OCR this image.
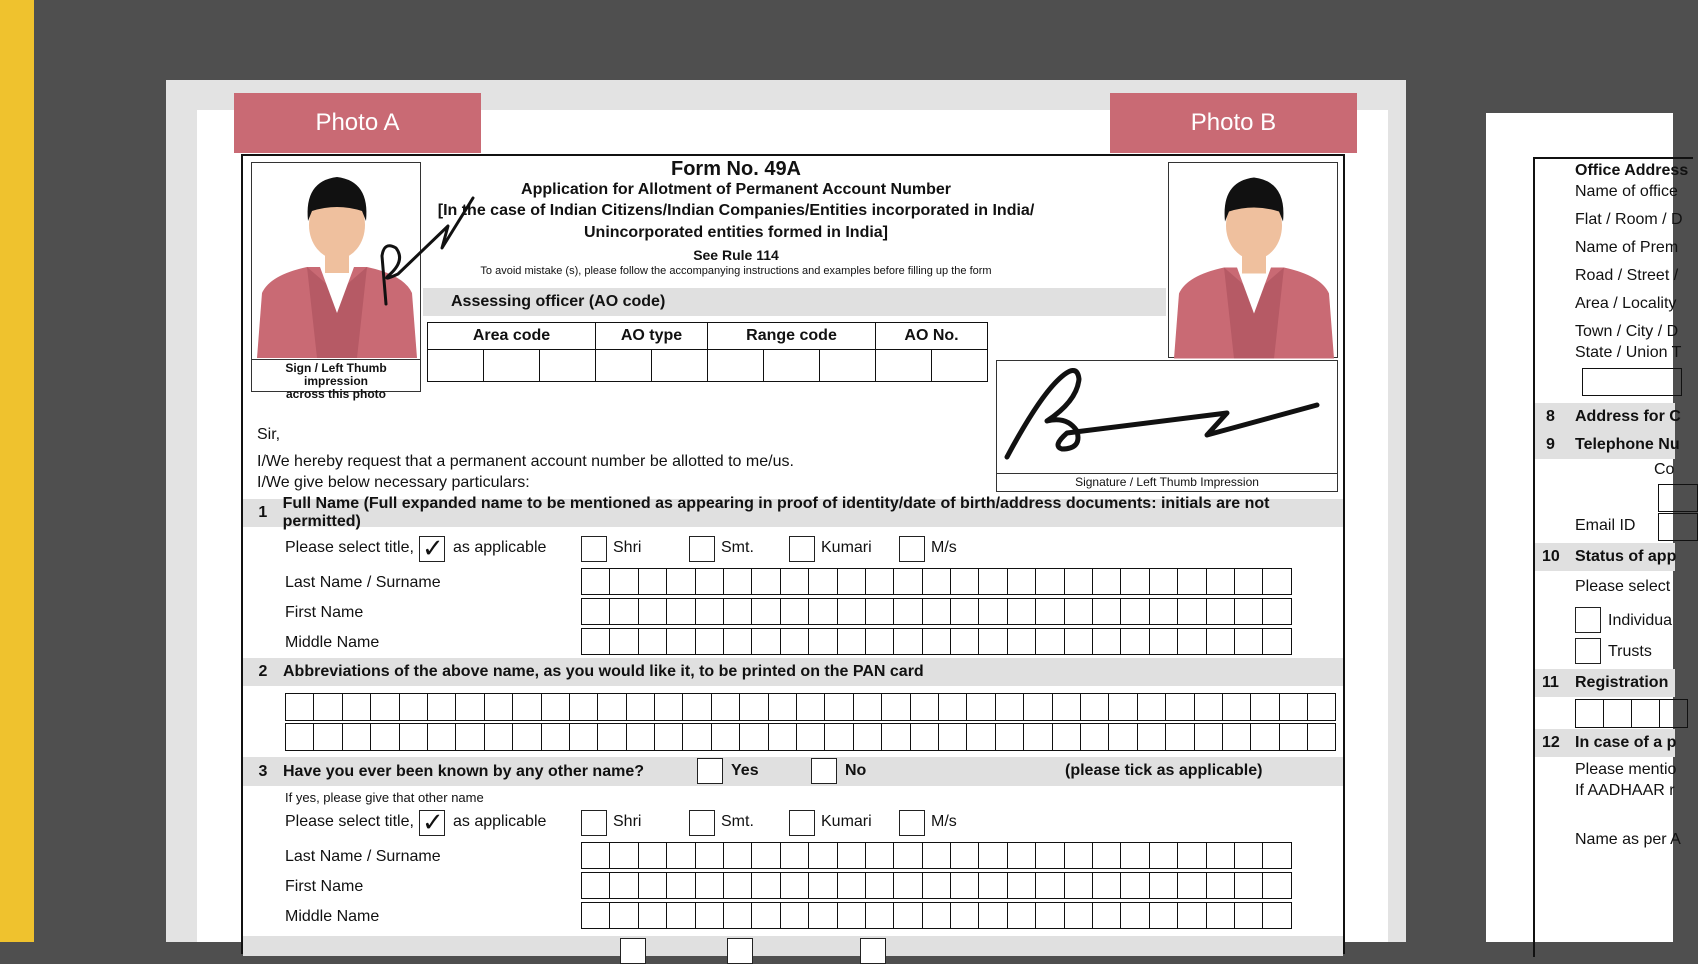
Photo A	Photo B
Sign / Left Thumb impression
across this photo
Form No. 49A
Application for Allotment of Permanent Account Number
[In the case of Indian Citizens/Indian Companies/Entities incorporated in India/
Unincorporated entities formed in India]
See Rule 114
To avoid mistake (s), please follow the accompanying instructions and examples before filling up the form
Assessing officer (AO code)
Area code			AO type		Range code			AO No.	

Signature / Left Thumb Impression
Sir,
I/We hereby request that a permanent account number be allotted to me/us.
I/We give below necessary particulars:
1
Full Name (Full expanded name to be mentioned as appearing in proof of identity/date of birth/address documents: initials are not permitted)
Please select title, ✓ as applicable	Shri	Smt.	Kumari	M/s
Last Name / Surname
First Name
Middle Name
2 Abbreviations of the above name, as you would like it, to be printed on the PAN card
3 Have you ever been known by any other name?	Yes	No	(please tick as applicable)
If yes, please give that other name
Please select title, ✓ as applicable	Shri	Smt.	Kumari	M/s
Last Name / Surname
First Name
Middle Name
Office Address
Name of office
Flat / Room / D
Name of Prem
Road / Street /
Area / Locality
Town / City / D
State / Union T
8 Address for C
9 Telephone Nu
Co
Email ID
10 Status of app
Please select
Individua
Trusts
11 Registration
12 In case of a p
Please mentio
If AADHAAR r
Name as per A
